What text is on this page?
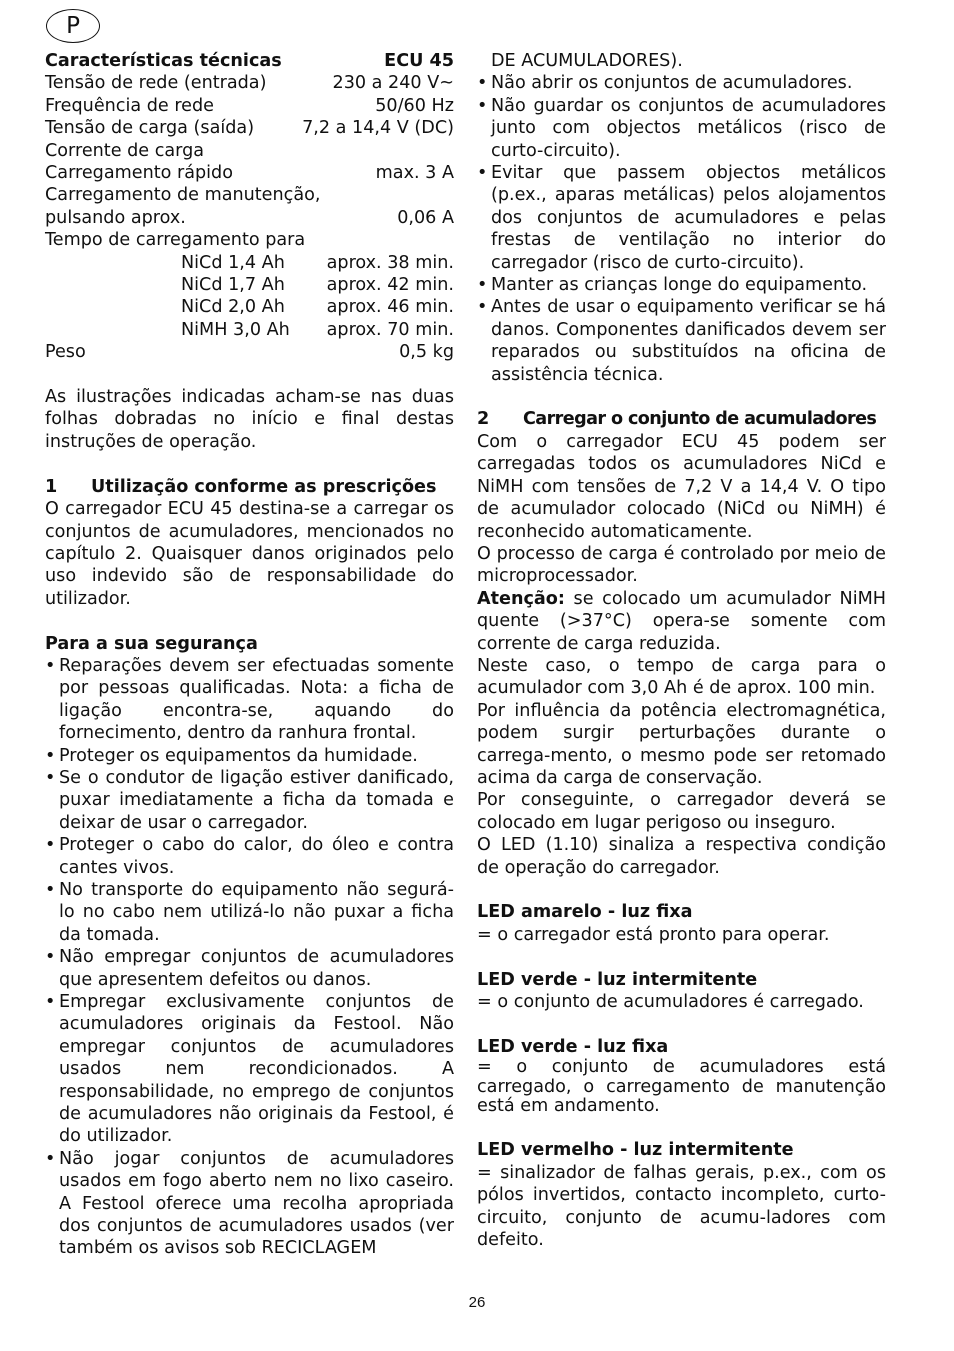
P
Características técnicas	ECU 45
Tensão de rede (entrada)	230 a 240 V~
Frequência de rede	50/60 Hz
Tensão de carga (saída)	7,2 a 14,4 V (DC)
Corrente de carga
Carregamento rápido	max. 3 A
Carregamento de manutenção,
pulsando aprox.	0,06 A
Tempo de carregamento para
NiCd 1,4 Ah	aprox. 38 min.
NiCd 1,7 Ah	aprox. 42 min.
NiCd 2,0 Ah	aprox. 46 min.
NiMH 3,0 Ah	aprox. 70 min.
Peso	0,5 kg
As ilustrações indicadas acham-se nas duas folhas dobradas no início e final destas instruções de operação.
1	Utilização conforme as prescrições
O carregador ECU 45 destina-se a carregar os conjuntos de acumuladores, mencionados no capítulo 2. Quaisquer danos originados pelo uso indevido são de responsabilidade do utilizador.
Para a sua segurança
• Reparações devem ser efectuadas somente por pessoas qualificadas. Nota: a ficha de ligação encontra-se, aquando do fornecimento, dentro da ranhura frontal.
• Proteger os equipamentos da humidade.
• Se o condutor de ligação estiver danificado, puxar imediatamente a ficha da tomada e deixar de usar o carregador.
• Proteger o cabo do calor, do óleo e contra cantes vivos.
• No transporte do equipamento não segurá-lo no cabo nem utilizá-lo não puxar a ficha da tomada.
• Não empregar conjuntos de acumuladores que apresentem defeitos ou danos.
• Empregar exclusivamente conjuntos de acumuladores originais da Festool. Não empregar conjuntos de acumuladores usados nem recondicionados. A responsabilidade, no emprego de conjuntos de acumuladores não originais da Festool, é do utilizador.
• Não jogar conjuntos de acumuladores usados em fogo aberto nem no lixo caseiro. A Festool oferece uma recolha apropriada dos conjuntos de acumuladores usados (ver também os avisos sob RECICLAGEM
DE ACUMULADORES).
• Não abrir os conjuntos de acumuladores.
• Não guardar os conjuntos de acumuladores junto com objectos metálicos (risco de curto-circuito).
• Evitar que passem objectos metálicos (p.ex., aparas metálicas) pelos alojamentos dos conjuntos de acumuladores e pelas frestas de ventilação no interior do carregador (risco de curto-circuito).
• Manter as crianças longe do equipamento.
• Antes de usar o equipamento verificar se há danos. Componentes danificados devem ser reparados ou substituídos na oficina de assistência técnica.
2	Carregar o conjunto de acumuladores
Com o carregador ECU 45 podem ser carregadas todos os acumuladores NiCd e NiMH com tensões de 7,2 V a 14,4 V. O tipo de acumulador colocado (NiCd ou NiMH) é reconhecido automaticamente.
O processo de carga é controlado por meio de microprocessador.
Atenção: se colocado um acumulador NiMH quente (>37°C) opera-se somente com corrente de carga reduzida.
Neste caso, o tempo de carga para o acumulador com 3,0 Ah é de aprox. 100 min.
Por influência da potência electromagnética, podem surgir perturbações durante o carrega-mento, o mesmo pode ser retomado acima da carga de conservação.
Por conseguinte, o carregador deverá se colocado em lugar perigoso ou inseguro.
O LED (1.10) sinaliza a respectiva condição de operação do carregador.
LED amarelo - luz fixa
= o carregador está pronto para operar.
LED verde - luz intermitente
= o conjunto de acumuladores é carregado.
LED verde - luz fixa
= o conjunto de acumuladores está carregado, o carregamento de manutenção está em andamento.
LED vermelho - luz intermitente
= sinalizador de falhas gerais, p.ex., com os pólos invertidos, contacto incompleto, curto-circuito, conjunto de acumu-ladores com defeito.
26
